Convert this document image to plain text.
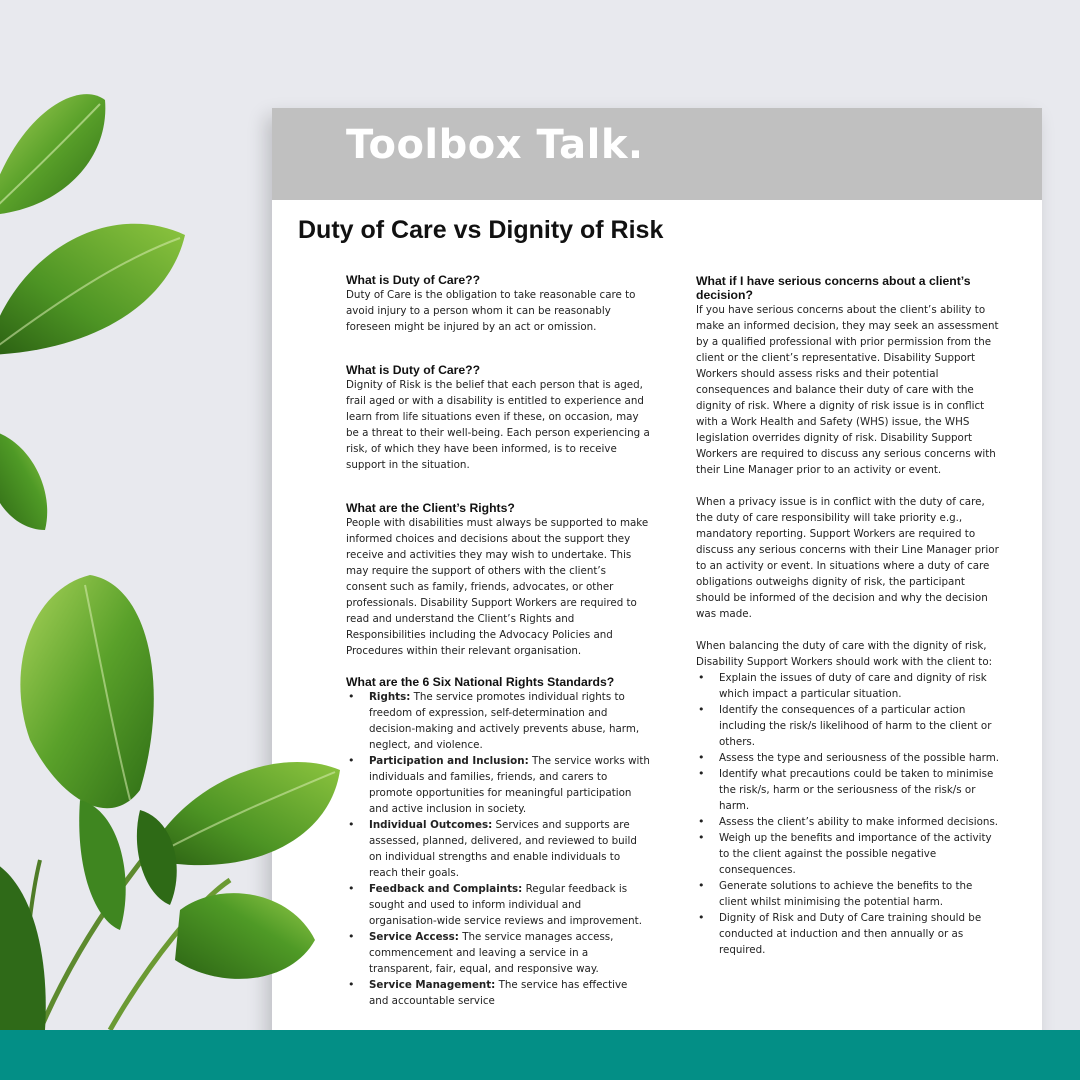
Toolbox Talk.
Duty of Care vs Dignity of Risk

What is Duty of Care??

Duty of Care is the obligation to take reasonable care to avoid injury to a person whom it can be reasonably foreseen might be injured by an act or omission.

What is Duty of Care??

Dignity of Risk is the belief that each person that is aged, frail aged or with a disability is entitled to experience and learn from life situations even if these, on occasion, may be a threat to their well-being. Each person experiencing a risk, of which they have been informed, is to receive support in the situation.

What are the Client’s Rights?

People with disabilities must always be supported to make informed choices and decisions about the support they receive and activities they may wish to undertake. This may require the support of others with the client’s consent such as family, friends, advocates, or other professionals. Disability Support Workers are required to read and understand the Client’s Rights and Responsibilities including the Advocacy Policies and Procedures within their relevant organisation.

What are the 6 Six National Rights Standards?

• Rights: The service promotes individual rights to freedom of expression, self-determination and decision-making and actively prevents abuse, harm, neglect, and violence.
• Participation and Inclusion: The service works with individuals and families, friends, and carers to promote opportunities for meaningful participation and active inclusion in society.
• Individual Outcomes: Services and supports are assessed, planned, delivered, and reviewed to build on individual strengths and enable individuals to reach their goals.
• Feedback and Complaints: Regular feedback is sought and used to inform individual and organisation-wide service reviews and improvement.
• Service Access: The service manages access, commencement and leaving a service in a transparent, fair, equal, and responsive way.
• Service Management: The service has effective and accountable service

What if I have serious concerns about a client’s decision?

If you have serious concerns about the client’s ability to make an informed decision, they may seek an assessment by a qualified professional with prior permission from the client or the client’s representative. Disability Support Workers should assess risks and their potential consequences and balance their duty of care with the dignity of risk. Where a dignity of risk issue is in conflict with a Work Health and Safety (WHS) issue, the WHS legislation overrides dignity of risk. Disability Support Workers are required to discuss any serious concerns with their Line Manager prior to an activity or event.

When a privacy issue is in conflict with the duty of care, the duty of care responsibility will take priority e.g., mandatory reporting. Support Workers are required to discuss any serious concerns with their Line Manager prior to an activity or event. In situations where a duty of care obligations outweighs dignity of risk, the participant should be informed of the decision and why the decision was made.

When balancing the duty of care with the dignity of risk, Disability Support Workers should work with the client to:

• Explain the issues of duty of care and dignity of risk which impact a particular situation.
• Identify the consequences of a particular action including the risk/s likelihood of harm to the client or others.
• Assess the type and seriousness of the possible harm.
• Identify what precautions could be taken to minimise the risk/s, harm or the seriousness of the risk/s or harm.
• Assess the client’s ability to make informed decisions.
• Weigh up the benefits and importance of the activity to the client against the possible negative consequences.
• Generate solutions to achieve the benefits to the client whilst minimising the potential harm.
• Dignity of Risk and Duty of Care training should be conducted at induction and then annually or as required.
